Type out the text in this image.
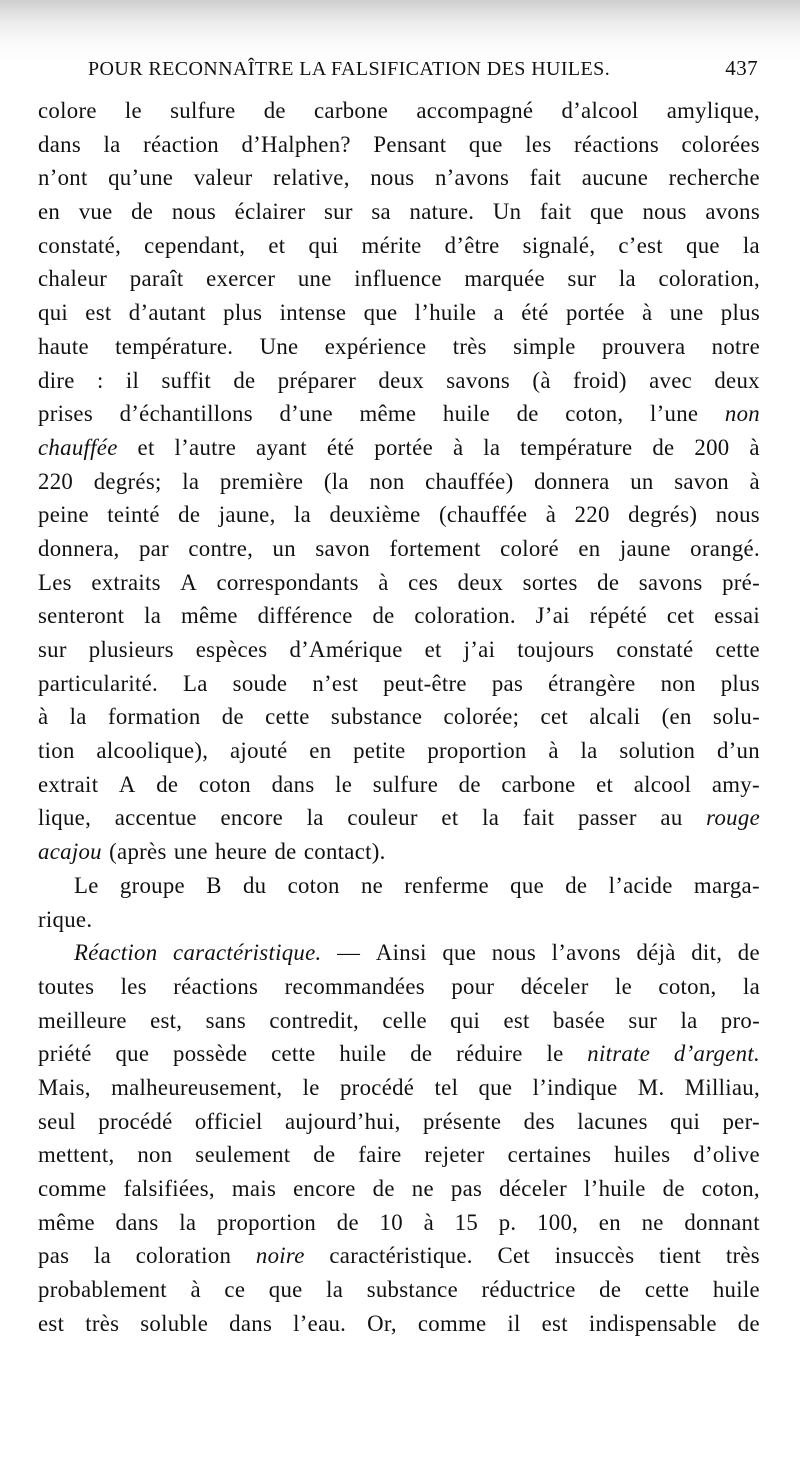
POUR RECONNAÎTRE LA FALSIFICATION DES HUILES.	437
colore le sulfure de carbone accompagné d’alcool amylique,
dans la réaction d’Halphen? Pensant que les réactions colorées
n’ont qu’une valeur relative, nous n’avons fait aucune recherche
en vue de nous éclairer sur sa nature. Un fait que nous avons
constaté, cependant, et qui mérite d’être signalé, c’est que la
chaleur paraît exercer une influence marquée sur la coloration,
qui est d’autant plus intense que l’huile a été portée à une plus
haute température. Une expérience très simple prouvera notre
dire : il suffit de préparer deux savons (à froid) avec deux
prises d’échantillons d’une même huile de coton, l’une non
chauffée et l’autre ayant été portée à la température de 200 à
220 degrés; la première (la non chauffée) donnera un savon à
peine teinté de jaune, la deuxième (chauffée à 220 degrés) nous
donnera, par contre, un savon fortement coloré en jaune orangé.
Les extraits A correspondants à ces deux sortes de savons pré-
senteront la même différence de coloration. J’ai répété cet essai
sur plusieurs espèces d’Amérique et j’ai toujours constaté cette
particularité. La soude n’est peut-être pas étrangère non plus
à la formation de cette substance colorée; cet alcali (en solu-
tion alcoolique), ajouté en petite proportion à la solution d’un
extrait A de coton dans le sulfure de carbone et alcool amy-
lique, accentue encore la couleur et la fait passer au rouge
acajou (après une heure de contact).
Le groupe B du coton ne renferme que de l’acide marga-
rique.
Réaction caractéristique. — Ainsi que nous l’avons déjà dit, de
toutes les réactions recommandées pour déceler le coton, la
meilleure est, sans contredit, celle qui est basée sur la pro-
priété que possède cette huile de réduire le nitrate d’argent.
Mais, malheureusement, le procédé tel que l’indique M. Milliau,
seul procédé officiel aujourd’hui, présente des lacunes qui per-
mettent, non seulement de faire rejeter certaines huiles d’olive
comme falsifiées, mais encore de ne pas déceler l’huile de coton,
même dans la proportion de 10 à 15 p. 100, en ne donnant
pas la coloration noire caractéristique. Cet insuccès tient très
probablement à ce que la substance réductrice de cette huile
est très soluble dans l’eau. Or, comme il est indispensable de
